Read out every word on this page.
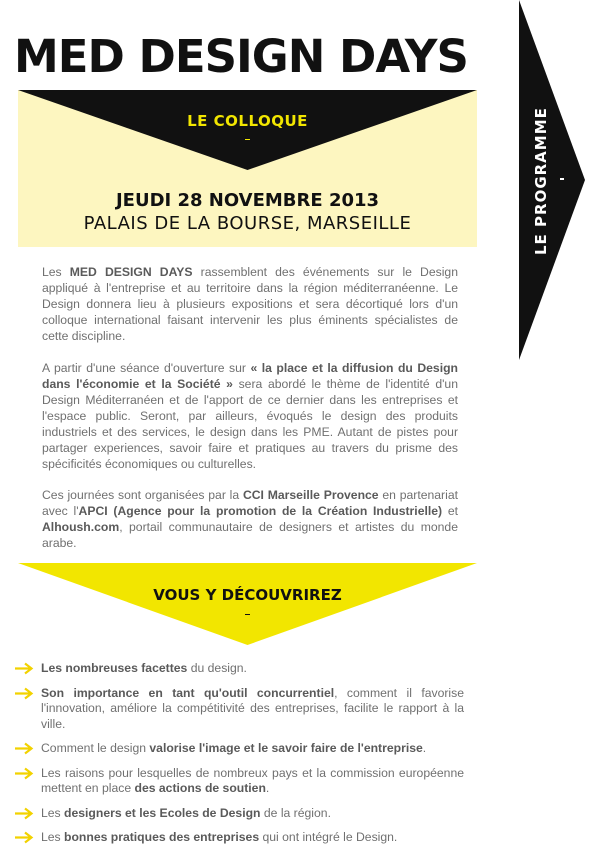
MED DESIGN DAYS
LE PROGRAMME
LE COLLOQUE
JEUDI 28 NOVEMBRE 2013
PALAIS DE LA BOURSE, MARSEILLE

Les MED DESIGN DAYS rassemblent des événements sur le Design appliqué à l'entreprise et au territoire dans la région méditerranéenne. Le Design donnera lieu à plusieurs expositions et sera décortiqué lors d'un colloque international faisant intervenir les plus éminents spécialistes de cette discipline.

A partir d'une séance d'ouverture sur « la place et la diffusion du Design dans l'économie et la Société » sera abordé le thème de l'identité d'un Design Méditerranéen et de l'apport de ce dernier dans les entreprises et l'espace public. Seront, par ailleurs, évoqués le design des produits industriels et des services, le design dans les PME. Autant de pistes pour partager experiences, savoir faire et pratiques au travers du prisme des spécificités économiques ou culturelles.

Ces journées sont organisées par la CCI Marseille Provence en partenariat avec l'APCI (Agence pour la promotion de la Création Industrielle) et Alhoush.com, portail communautaire de designers et artistes du monde arabe.

VOUS Y DÉCOUVRIREZ
Les nombreuses facettes du design.
Son importance en tant qu'outil concurrentiel, comment il favorise l'innovation, améliore la compétitivité des entreprises, facilite le rapport à la ville.
Comment le design valorise l'image et le savoir faire de l'entreprise.
Les raisons pour lesquelles de nombreux pays et la commission européenne mettent en place des actions de soutien.
Les designers et les Ecoles de Design de la région.
Les bonnes pratiques des entreprises qui ont intégré le Design.
